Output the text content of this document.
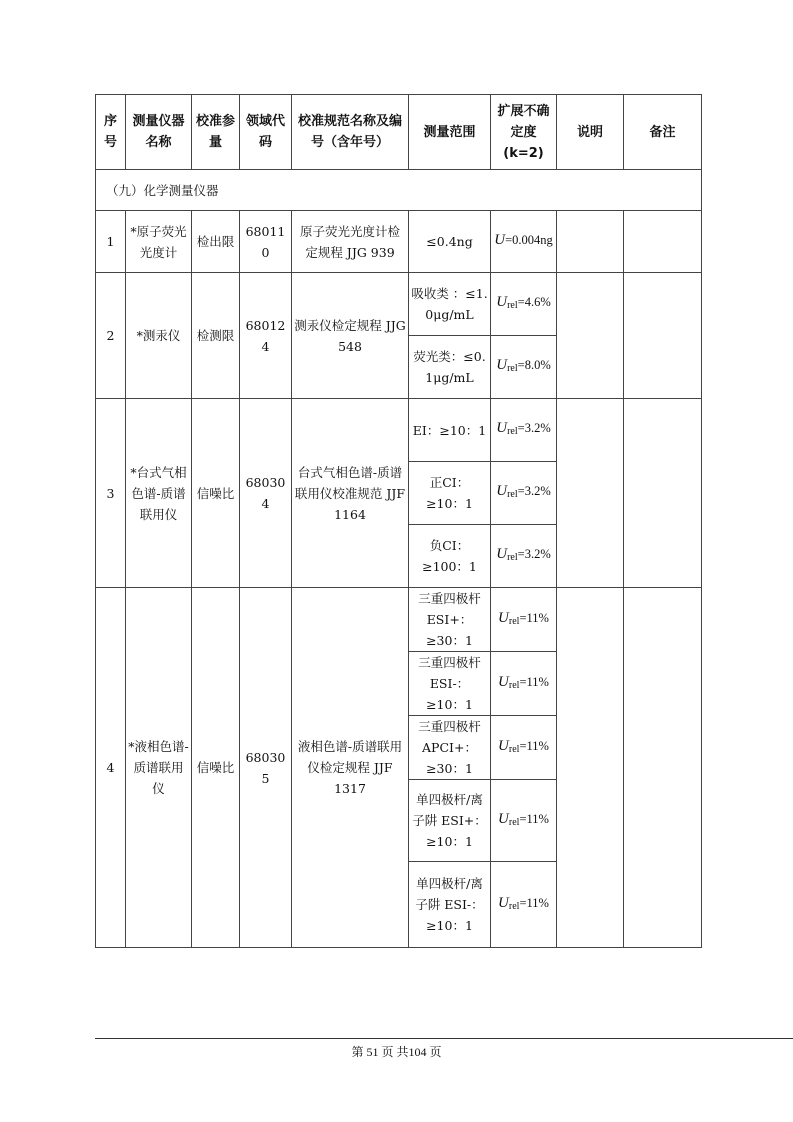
序号	测量仪器名称	校准参量	领域代码	校准规范名称及编号（含年号）	测量范围	扩展不确定度(k=2)	说明	备注
（九）化学测量仪器								
1	*原子荧光光度计	检出限	680110	原子荧光光度计检定规程 JJG 939	≤0.4ng	U=0.004ng		
2	*测汞仪	检测限	680124	测汞仪检定规程 JJG 548	吸收类 ：≤1.0μg/mL	$U_{rel}=4.6\%$		
					荧光类：≤0.1μg/mL	$U_{rel}=8.0\%$		
3	*台式气相色谱-质谱联用仪	信噪比	680304	台式气相色谱-质谱联用仪校准规范 JJF 1164	EI：≥10：1	$U_{rel}=3.2\%$		
					正CI：≥10：1	$U_{rel}=3.2\%$		
					负CI：≥100：1	$U_{rel}=3.2\%$		
4	*液相色谱-质谱联用仪	信噪比	680305	液相色谱-质谱联用仪检定规程 JJF 1317	三重四极杆 ESI+：≥30：1	$U_{rel}=11\%$		
					三重四极杆 ESI-：≥10：1	$U_{rel}=11\%$		
					三重四极杆 APCI+：≥30：1	$U_{rel}=11\%$		
					单四极杆/离子阱 ESI+：≥10：1	$U_{rel}=11\%$		
					单四极杆/离子阱 ESI-：≥10：1	$U_{rel}=11\%$		
第 51 页 共104 页
